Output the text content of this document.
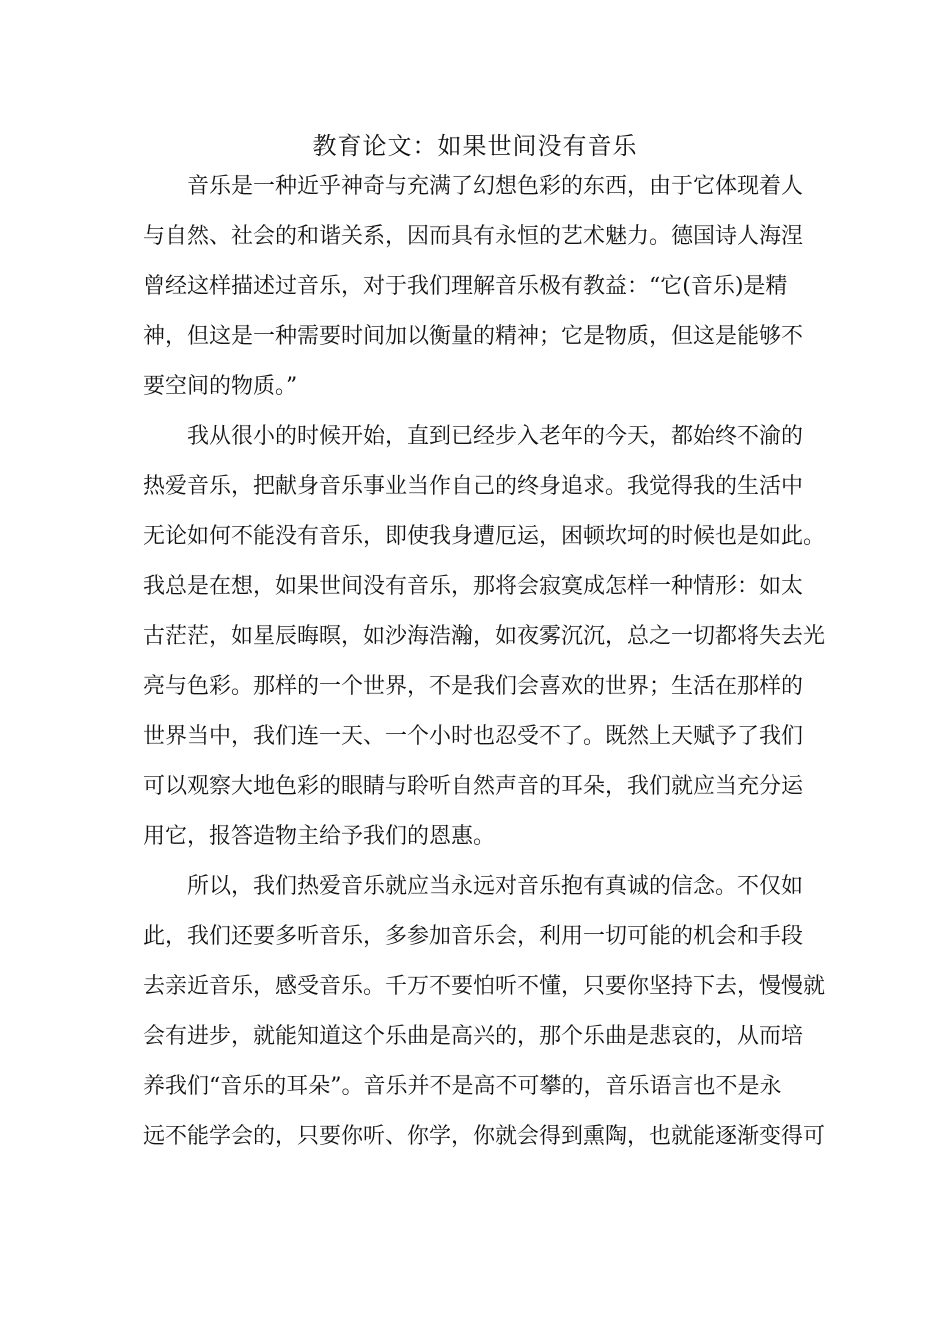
教育论文：如果世间没有音乐
音乐是一种近乎神奇与充满了幻想色彩的东西，由于它体现着人
与自然、社会的和谐关系，因而具有永恒的艺术魅力。德国诗人海涅
曾经这样描述过音乐，对于我们理解音乐极有教益：“它(音乐)是精
神，但这是一种需要时间加以衡量的精神；它是物质，但这是能够不
要空间的物质。”
我从很小的时候开始，直到已经步入老年的今天，都始终不渝的
热爱音乐，把献身音乐事业当作自己的终身追求。我觉得我的生活中
无论如何不能没有音乐，即使我身遭厄运，困顿坎坷的时候也是如此。
我总是在想，如果世间没有音乐，那将会寂寞成怎样一种情形：如太
古茫茫，如星辰晦暝，如沙海浩瀚，如夜雾沉沉，总之一切都将失去光
亮与色彩。那样的一个世界，不是我们会喜欢的世界；生活在那样的
世界当中，我们连一天、一个小时也忍受不了。既然上天赋予了我们
可以观察大地色彩的眼睛与聆听自然声音的耳朵，我们就应当充分运
用它，报答造物主给予我们的恩惠。
所以，我们热爱音乐就应当永远对音乐抱有真诚的信念。不仅如
此，我们还要多听音乐，多参加音乐会，利用一切可能的机会和手段
去亲近音乐，感受音乐。千万不要怕听不懂，只要你坚持下去，慢慢就
会有进步，就能知道这个乐曲是高兴的，那个乐曲是悲哀的，从而培
养我们“音乐的耳朵”。音乐并不是高不可攀的，音乐语言也不是永
远不能学会的，只要你听、你学，你就会得到熏陶，也就能逐渐变得可
